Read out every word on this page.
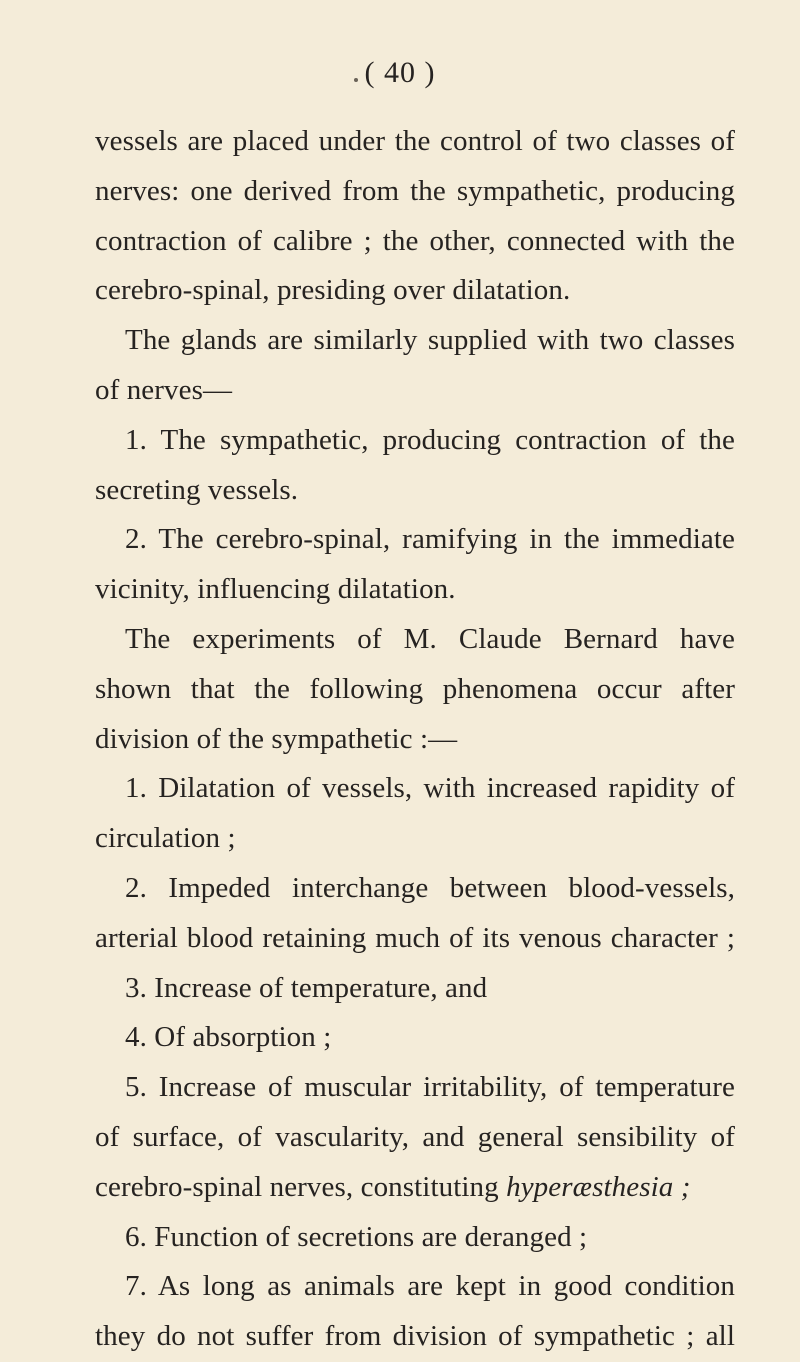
( 40 )
vessels are placed under the control of two classes of
nerves: one derived from the sympathetic, producing
contraction of calibre ; the other, connected with the
cerebro-spinal, presiding over dilatation.
The glands are similarly supplied with two classes
of nerves—
1. The sympathetic, producing contraction of the
secreting vessels.
2. The cerebro-spinal, ramifying in the immediate
vicinity, influencing dilatation.
The experiments of M. Claude Bernard have
shown that the following phenomena occur after
division of the sympathetic :—
1. Dilatation of vessels, with increased rapidity of
circulation ;
2. Impeded interchange between blood-vessels,
arterial blood retaining much of its venous character ;
3. Increase of temperature, and
4. Of absorption ;
5. Increase of muscular irritability, of temperature
of surface, of vascularity, and general sensibility of
cerebro-spinal nerves, constituting hyperæsthesia ;
6. Function of secretions are deranged ;
7. As long as animals are kept in good condition
they do not suffer from division of sympathetic ; all
